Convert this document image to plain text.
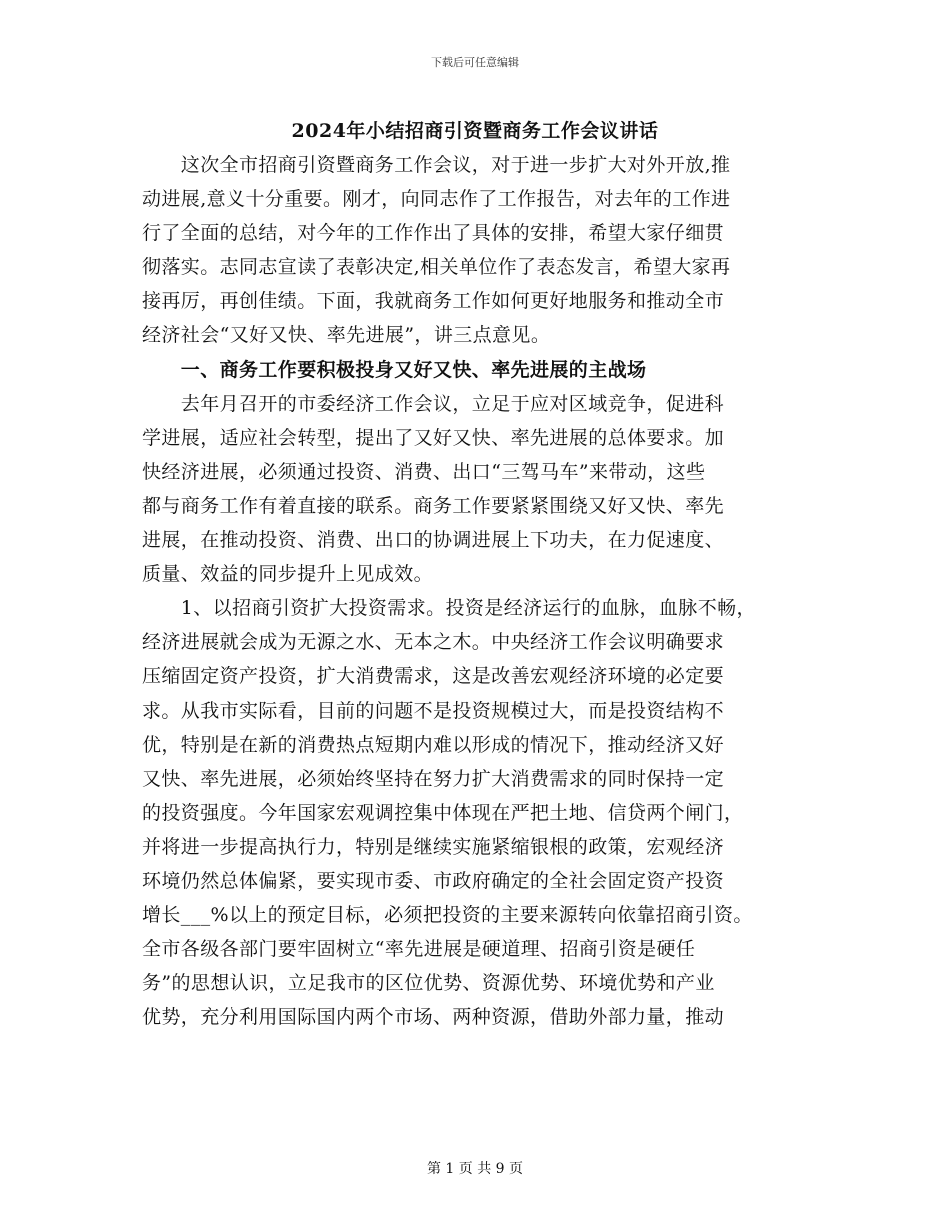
下载后可任意编辑
2024年小结招商引资暨商务工作会议讲话
　　这次全市招商引资暨商务工作会议，对于进一步扩大对外开放,推
动进展,意义十分重要。刚才，向同志作了工作报告，对去年的工作进
行了全面的总结，对今年的工作作出了具体的安排，希望大家仔细贯
彻落实。志同志宣读了表彰决定,相关单位作了表态发言，希望大家再
接再厉，再创佳绩。下面，我就商务工作如何更好地服务和推动全市
经济社会“又好又快、率先进展”，讲三点意见。
　　一、商务工作要积极投身又好又快、率先进展的主战场
　　去年月召开的市委经济工作会议，立足于应对区域竞争，促进科
学进展，适应社会转型，提出了又好又快、率先进展的总体要求。加
快经济进展，必须通过投资、消费、出口“三驾马车”来带动，这些
都与商务工作有着直接的联系。商务工作要紧紧围绕又好又快、率先
进展，在推动投资、消费、出口的协调进展上下功夫，在力促速度、
质量、效益的同步提升上见成效。
　　1、以招商引资扩大投资需求。投资是经济运行的血脉，血脉不畅，
经济进展就会成为无源之水、无本之木。中央经济工作会议明确要求
压缩固定资产投资，扩大消费需求，这是改善宏观经济环境的必定要
求。从我市实际看，目前的问题不是投资规模过大，而是投资结构不
优，特别是在新的消费热点短期内难以形成的情况下，推动经济又好
又快、率先进展，必须始终坚持在努力扩大消费需求的同时保持一定
的投资强度。今年国家宏观调控集中体现在严把土地、信贷两个闸门，
并将进一步提高执行力，特别是继续实施紧缩银根的政策，宏观经济
环境仍然总体偏紧，要实现市委、市政府确定的全社会固定资产投资
增长___%以上的预定目标，必须把投资的主要来源转向依靠招商引资。
全市各级各部门要牢固树立“率先进展是硬道理、招商引资是硬任
务”的思想认识，立足我市的区位优势、资源优势、环境优势和产业
优势，充分利用国际国内两个市场、两种资源，借助外部力量，推动
第 1 页 共 9 页
